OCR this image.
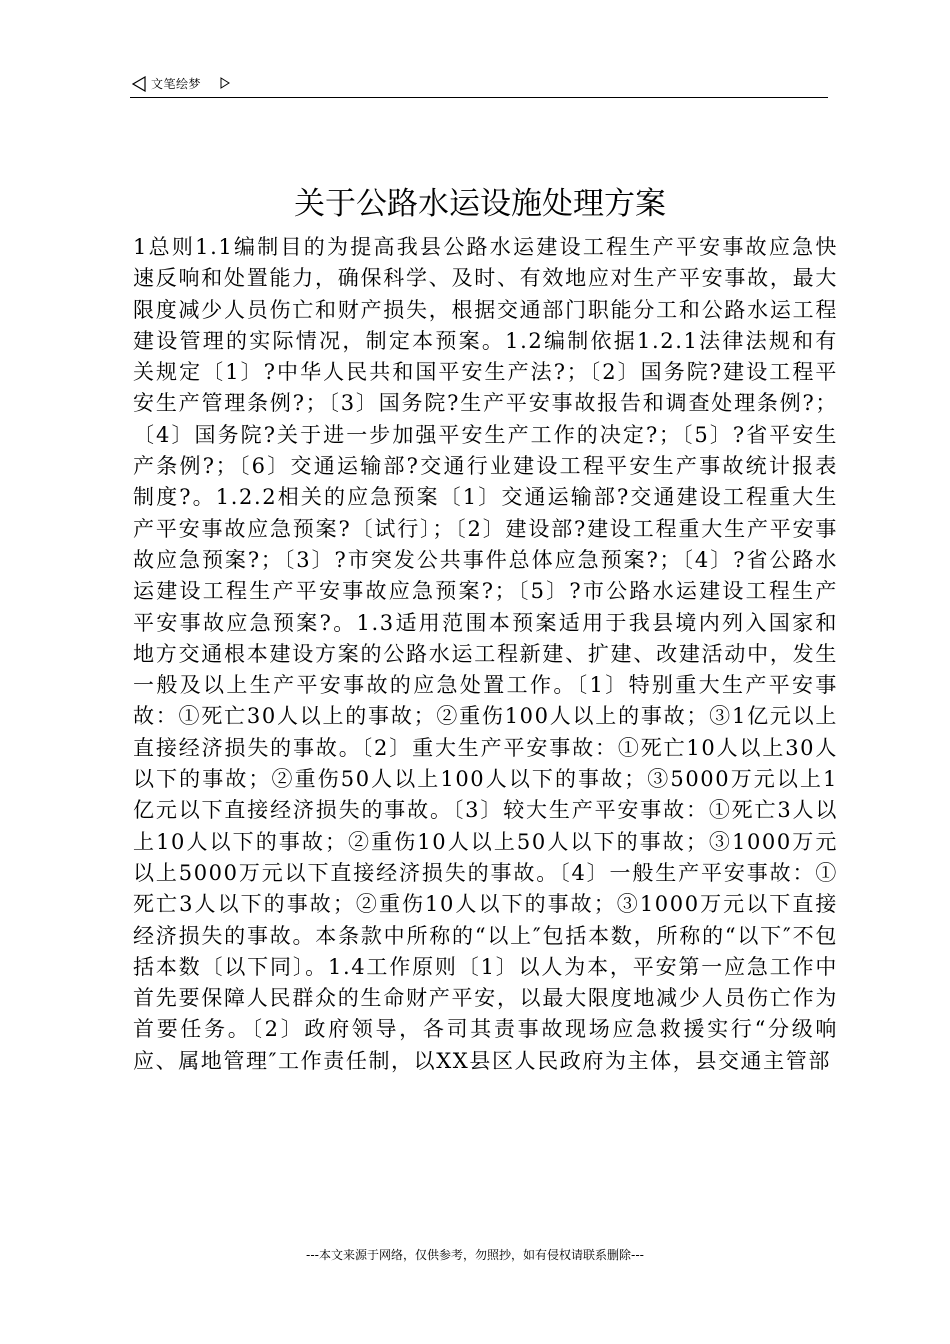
文笔绘梦
关于公路水运设施处理方案

1总则1.1编制目的为提高我县公路水运建设工程生产平安事故应急快速反响和处置能力，确保科学、及时、有效地应对生产平安事故，最大限度减少人员伤亡和财产损失，根据交通部门职能分工和公路水运工程建设管理的实际情况，制定本预案。1.2编制依据1.2.1法律法规和有关规定〔1〕?中华人民共和国平安生产法?；〔2〕国务院?建设工程平安生产管理条例?；〔3〕国务院?生产平安事故报告和调查处理条例?；〔4〕国务院?关于进一步加强平安生产工作的决定?；〔5〕?省平安生产条例?；〔6〕交通运输部?交通行业建设工程平安生产事故统计报表制度?。1.2.2相关的应急预案〔1〕交通运输部?交通建设工程重大生产平安事故应急预案?〔试行〕；〔2〕建设部?建设工程重大生产平安事故应急预案?；〔3〕?市突发公共事件总体应急预案?；〔4〕?省公路水运建设工程生产平安事故应急预案?；〔5〕?市公路水运建设工程生产平安事故应急预案?。1.3适用范围本预案适用于我县境内列入国家和地方交通根本建设方案的公路水运工程新建、扩建、改建活动中，发生一般及以上生产平安事故的应急处置工作。〔1〕特别重大生产平安事故：①死亡30人以上的事故；②重伤100人以上的事故；③1亿元以上直接经济损失的事故。〔2〕重大生产平安事故：①死亡10人以上30人以下的事故；②重伤50人以上100人以下的事故；③5000万元以上1亿元以下直接经济损失的事故。〔3〕较大生产平安事故：①死亡3人以上10人以下的事故；②重伤10人以上50人以下的事故；③1000万元以上5000万元以下直接经济损失的事故。〔4〕一般生产平安事故：①死亡3人以下的事故；②重伤10人以下的事故；③1000万元以下直接经济损失的事故。本条款中所称的“以上″包括本数，所称的“以下″不包括本数〔以下同〕。1.4工作原则〔1〕以人为本，平安第一应急工作中首先要保障人民群众的生命财产平安，以最大限度地减少人员伤亡作为首要任务。〔2〕政府领导，各司其责事故现场应急救援实行“分级响应、属地管理″工作责任制，以XX县区人民政府为主体，县交通主管部

---本文来源于网络，仅供参考，勿照抄，如有侵权请联系删除---
